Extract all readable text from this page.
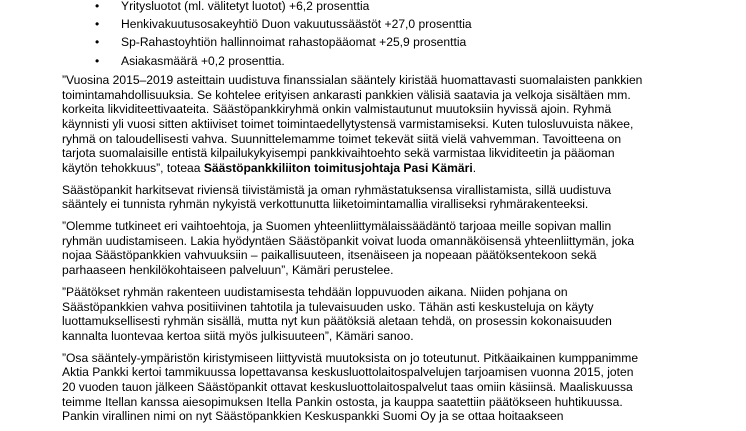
• Yritysluotot (ml. välitetyt luotot) +6,2 prosenttia
• Henkivakuutusosakeyhtiö Duon vakuutussäästöt +27,0 prosenttia
• Sp-Rahastoyhtiön hallinnoimat rahastopääomat +25,9 prosenttia
• Asiakasmäärä +0,2 prosenttia.

”Vuosina 2015–2019 asteittain uudistuva finanssialan sääntely kiristää huomattavasti suomalaisten pankkien
toimintamahdollisuuksia. Se kohtelee erityisen ankarasti pankkien välisiä saatavia ja velkoja sisältäen mm.
korkeita likviditeettivaateita. Säästöpankkiryhmä onkin valmistautunut muutoksiin hyvissä ajoin. Ryhmä
käynnisti yli vuosi sitten aktiiviset toimet toimintaedellytystensä varmistamiseksi. Kuten tulosluvuista näkee,
ryhmä on taloudellisesti vahva. Suunnittelemamme toimet tekevät siitä vielä vahvemman. Tavoitteena on
tarjota suomalaisille entistä kilpailukykyisempi pankkivaihtoehto sekä varmistaa likviditeetin ja pääoman
käytön tehokkuus”, toteaa Säästöpankkiliiton toimitusjohtaja Pasi Kämäri.

Säästöpankit harkitsevat riviensä tiivistämistä ja oman ryhmästatuksensa virallistamista, sillä uudistuva
sääntely ei tunnista ryhmän nykyistä verkottunutta liiketoimintamallia viralliseksi ryhmärakenteeksi.

”Olemme tutkineet eri vaihtoehtoja, ja Suomen yhteenliittymälaissäädäntö tarjoaa meille sopivan mallin
ryhmän uudistamiseen. Lakia hyödyntäen Säästöpankit voivat luoda omannäköisensä yhteenliittymän, joka
nojaa Säästöpankkien vahvuuksiin – paikallisuuteen, itsenäiseen ja nopeaan päätöksentekoon sekä
parhaaseen henkilökohtaiseen palveluun”, Kämäri perustelee.

”Päätökset ryhmän rakenteen uudistamisesta tehdään loppuvuoden aikana. Niiden pohjana on
Säästöpankkien vahva positiivinen tahtotila ja tulevaisuuden usko. Tähän asti keskusteluja on käyty
luottamuksellisesti ryhmän sisällä, mutta nyt kun päätöksiä aletaan tehdä, on prosessin kokonaisuuden
kannalta luontevaa kertoa siitä myös julkisuuteen”, Kämäri sanoo.

”Osa sääntely-ympäristön kiristymiseen liittyvistä muutoksista on jo toteutunut. Pitkäaikainen kumppanimme
Aktia Pankki kertoi tammikuussa lopettavansa keskusluottolaitospalvelujen tarjoamisen vuonna 2015, joten
20 vuoden tauon jälkeen Säästöpankit ottavat keskusluottolaitospalvelut taas omiin käsiinsä. Maaliskuussa
teimme Itellan kanssa aiesopimuksen Itella Pankin ostosta, ja kauppa saatettiin päätökseen huhtikuussa.
Pankin virallinen nimi on nyt Säästöpankkien Keskuspankki Suomi Oy ja se ottaa hoitaakseen
